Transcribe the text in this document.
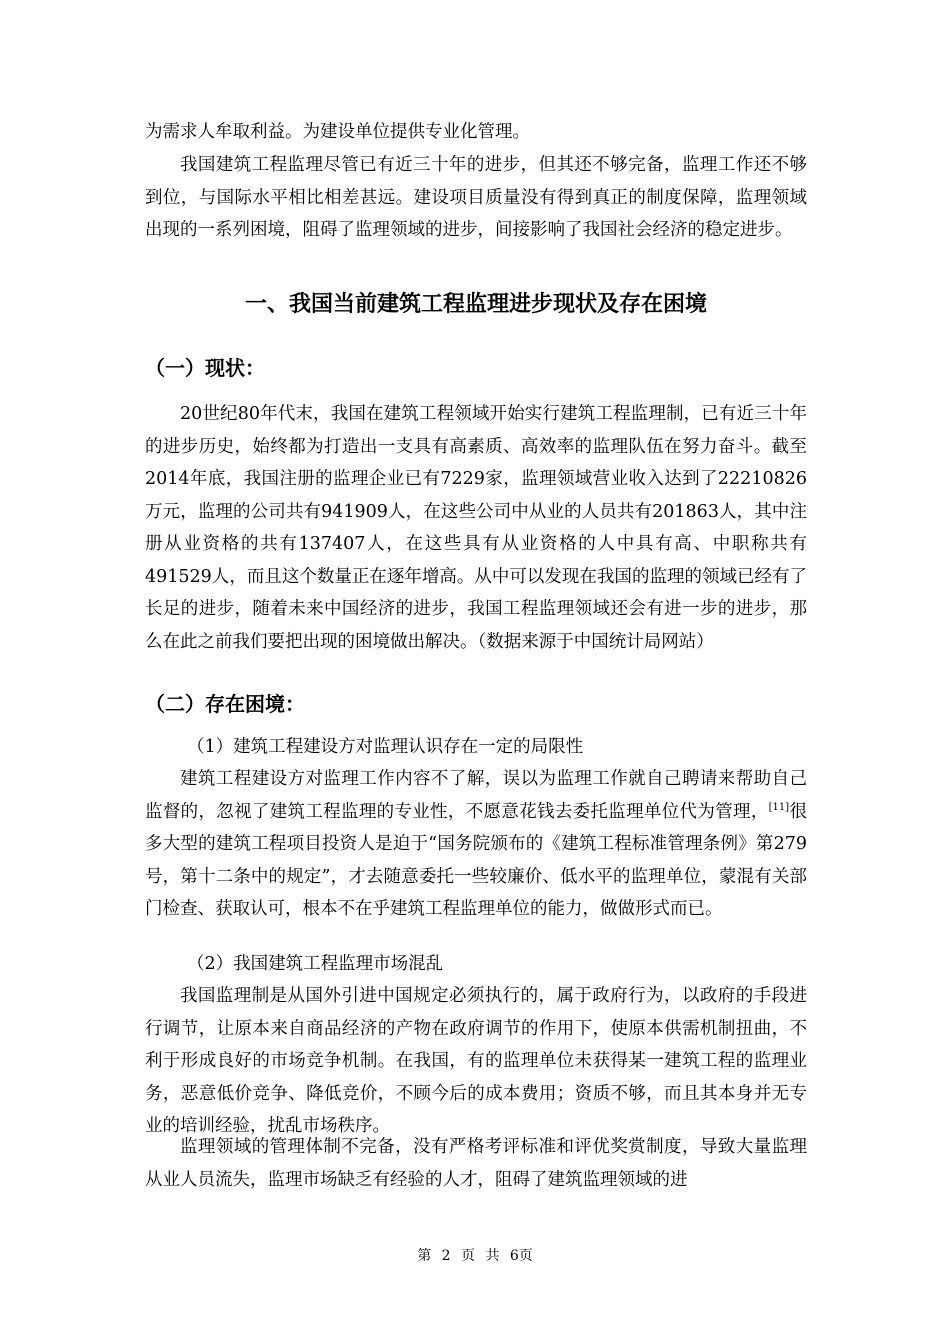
为需求人牟取利益。为建设单位提供专业化管理。

我国建筑工程监理尽管已有近三十年的进步，但其还不够完备，监理工作还不够到位，与国际水平相比相差甚远。建设项目质量没有得到真正的制度保障，监理领域出现的一系列困境，阻碍了监理领域的进步，间接影响了我国社会经济的稳定进步。

一、我国当前建筑工程监理进步现状及存在困境
（一）现状：

20世纪80年代末，我国在建筑工程领域开始实行建筑工程监理制，已有近三十年的进步历史，始终都为打造出一支具有高素质、高效率的监理队伍在努力奋斗。截至2014年底，我国注册的监理企业已有7229家，监理领域营业收入达到了22210826万元，监理的公司共有941909人，在这些公司中从业的人员共有201863人，其中注册从业资格的共有137407人，在这些具有从业资格的人中具有高、中职称共有491529人，而且这个数量正在逐年增高。从中可以发现在我国的监理的领域已经有了长足的进步，随着未来中国经济的进步，我国工程监理领域还会有进一步的进步，那么在此之前我们要把出现的困境做出解决。（数据来源于中国统计局网站）

（二）存在困境：

（1）建筑工程建设方对监理认识存在一定的局限性

建筑工程建设方对监理工作内容不了解，误以为监理工作就自己聘请来帮助自己监督的，忽视了建筑工程监理的专业性，不愿意花钱去委托监理单位代为管理，[11]很多大型的建筑工程项目投资人是迫于“国务院颁布的《建筑工程标准管理条例》第279号，第十二条中的规定”，才去随意委托一些较廉价、低水平的监理单位，蒙混有关部门检查、获取认可，根本不在乎建筑工程监理单位的能力，做做形式而已。

（2）我国建筑工程监理市场混乱

我国监理制是从国外引进中国规定必须执行的，属于政府行为，以政府的手段进行调节，让原本来自商品经济的产物在政府调节的作用下，使原本供需机制扭曲，不利于形成良好的市场竞争机制。在我国，有的监理单位未获得某一建筑工程的监理业务，恶意低价竞争、降低竞价，不顾今后的成本费用；资质不够，而且其本身并无专业的培训经验，扰乱市场秩序。

监理领域的管理体制不完备，没有严格考评标准和评优奖赏制度，导致大量监理从业人员流失，监理市场缺乏有经验的人才，阻碍了建筑监理领域的进

第 2 页 共 6页
